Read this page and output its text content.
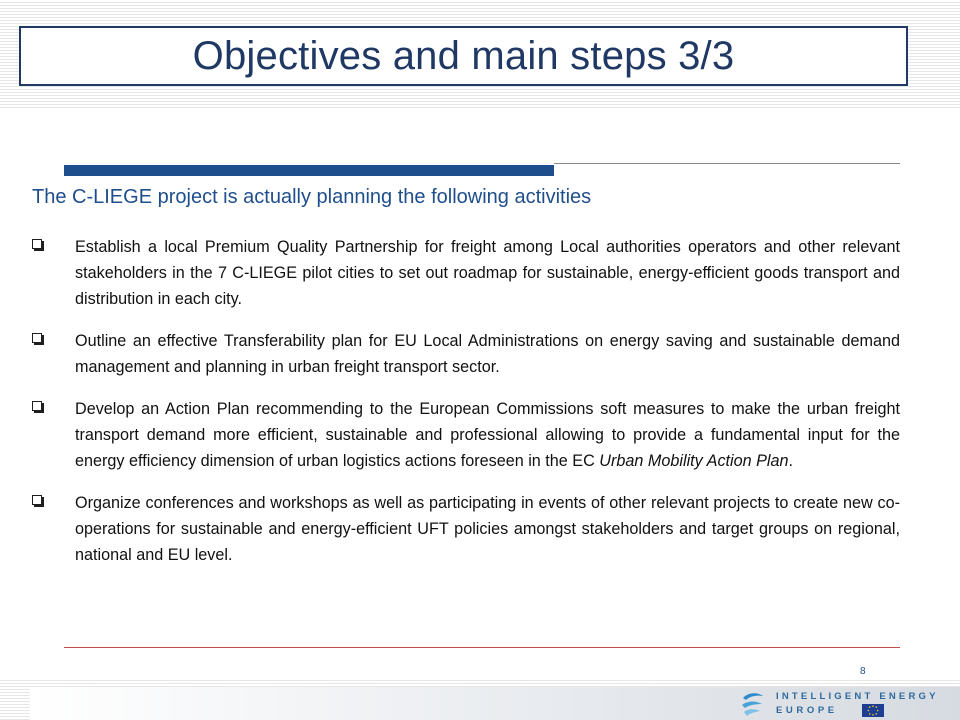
Objectives and main steps 3/3
The C-LIEGE project is actually planning the following activities
Establish a local Premium Quality Partnership for freight among Local authorities operators and other relevant stakeholders in the 7 C-LIEGE pilot cities to set out roadmap for sustainable, energy-efficient goods transport and distribution in each city.
Outline an effective Transferability plan for EU Local Administrations on energy saving and sustainable demand management and planning in urban freight transport sector.
Develop an Action Plan recommending to the European Commissions soft measures to make the urban freight transport demand more efficient, sustainable and professional allowing to provide a fundamental input for the energy efficiency dimension of urban logistics actions foreseen in the EC Urban Mobility Action Plan.
Organize conferences and workshops as well as participating in events of other relevant projects to create new co-operations for sustainable and energy-efficient UFT policies amongst stakeholders and target groups on regional, national and EU level.
8
INTELLIGENT ENERGY
EUROPE
